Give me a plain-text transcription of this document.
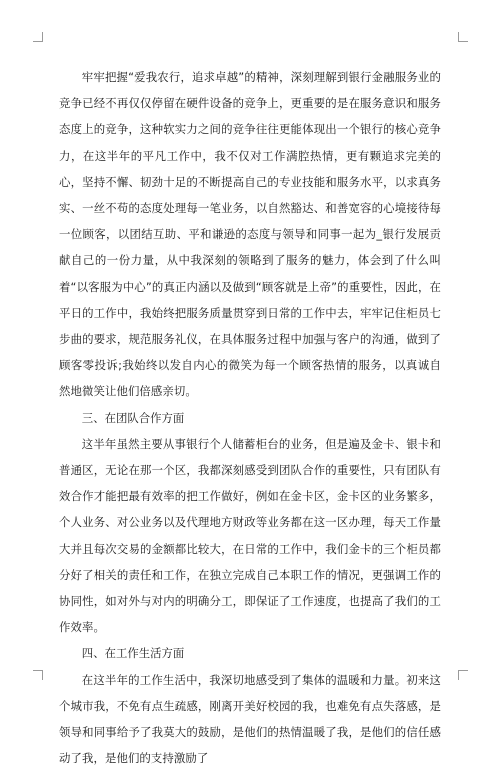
牢牢把握“爱我农行，追求卓越”的精神，深刻理解到银行金融服务业的竞争已经不再仅仅停留在硬件设备的竞争上，更重要的是在服务意识和服务态度上的竞争，这种软实力之间的竞争往往更能体现出一个银行的核心竞争力，在这半年的平凡工作中，我不仅对工作满腔热情，更有颗追求完美的心，坚持不懈、韧劲十足的不断提高自己的专业技能和服务水平，以求真务实、一丝不苟的态度处理每一笔业务，以自然豁达、和善宽容的心境接待每一位顾客，以团结互助、平和谦逊的态度与领导和同事一起为_银行发展贡献自己的一份力量，从中我深刻的领略到了服务的魅力，体会到了什么叫着“以客服为中心”的真正内涵以及做到“顾客就是上帝”的重要性，因此，在平日的工作中，我始终把服务质量贯穿到日常的工作中去，牢牢记住柜员七步曲的要求，规范服务礼仪，在具体服务过程中加强与客户的沟通，做到了顾客零投诉;我始终以发自内心的微笑为每一个顾客热情的服务，以真诚自然地微笑让他们倍感亲切。

三、在团队合作方面

这半年虽然主要从事银行个人储蓄柜台的业务，但是遍及金卡、银卡和普通区，无论在那一个区，我都深刻感受到团队合作的重要性，只有团队有效合作才能把最有效率的把工作做好，例如在金卡区，金卡区的业务繁多，个人业务、对公业务以及代理地方财政等业务都在这一区办理，每天工作量大并且每次交易的金额都比较大，在日常的工作中，我们金卡的三个柜员都分好了相关的责任和工作，在独立完成自己本职工作的情况，更强调工作的协同性，如对外与对内的明确分工，即保证了工作速度，也提高了我们的工作效率。

四、在工作生活方面

在这半年的工作生活中，我深切地感受到了集体的温暖和力量。初来这个城市我，不免有点生疏感，刚离开美好校园的我，也难免有点失落感，是领导和同事给予了我莫大的鼓励，是他们的热情温暖了我，是他们的信任感动了我，是他们的支持激励了
